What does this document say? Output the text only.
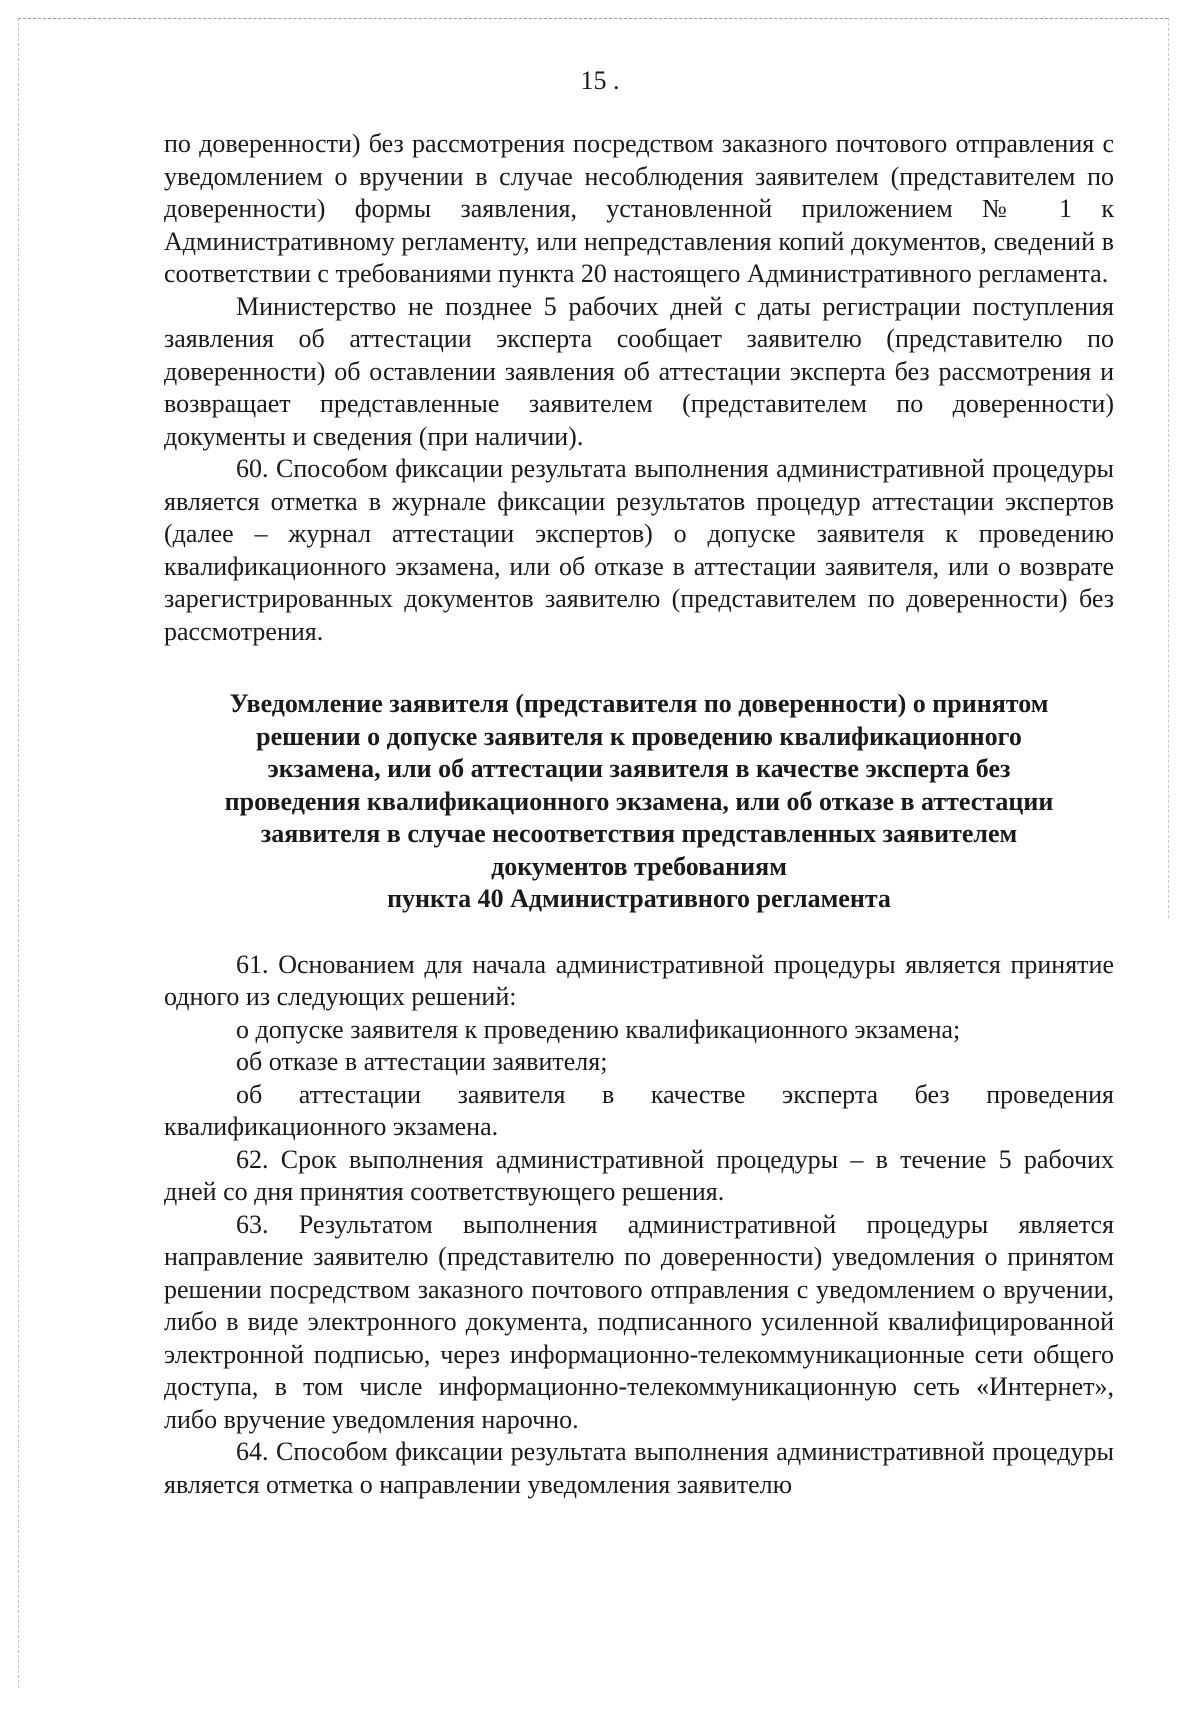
15 .

по доверенности) без рассмотрения посредством заказного почтового отправления с уведомлением о вручении в случае несоблюдения заявителем (представителем по доверенности) формы заявления, установленной приложением № 1 к Административному регламенту, или непредставления копий документов, сведений в соответствии с требованиями пункта 20 настоящего Административного регламента.

Министерство не позднее 5 рабочих дней с даты регистрации поступления заявления об аттестации эксперта сообщает заявителю (представителю по доверенности) об оставлении заявления об аттестации эксперта без рассмотрения и возвращает представленные заявителем (представителем по доверенности) документы и сведения (при наличии).

60. Способом фиксации результата выполнения административной процедуры является отметка в журнале фиксации результатов процедур аттестации экспертов (далее – журнал аттестации экспертов) о допуске заявителя к проведению квалификационного экзамена, или об отказе в аттестации заявителя, или о возврате зарегистрированных документов заявителю (представителем по доверенности) без рассмотрения.

Уведомление заявителя (представителя по доверенности) о принятом
решении о допуске заявителя к проведению квалификационного
экзамена, или об аттестации заявителя в качестве эксперта без
проведения квалификационного экзамена, или об отказе в аттестации
заявителя в случае несоответствия представленных заявителем
документов требованиям
пункта 40 Административного регламента

61. Основанием для начала административной процедуры является принятие одного из следующих решений:

о допуске заявителя к проведению квалификационного экзамена;

об отказе в аттестации заявителя;

об аттестации заявителя в качестве эксперта без проведения квалификационного экзамена.

62. Срок выполнения административной процедуры – в течение 5 рабочих дней со дня принятия соответствующего решения.

63. Результатом выполнения административной процедуры является направление заявителю (представителю по доверенности) уведомления о принятом решении посредством заказного почтового отправления с уведомлением о вручении, либо в виде электронного документа, подписанного усиленной квалифицированной электронной подписью, через информационно-телекоммуникационные сети общего доступа, в том числе информационно-телекоммуникационную сеть «Интернет», либо вручение уведомления нарочно.

64. Способом фиксации результата выполнения административной процедуры является отметка о направлении уведомления заявителю
